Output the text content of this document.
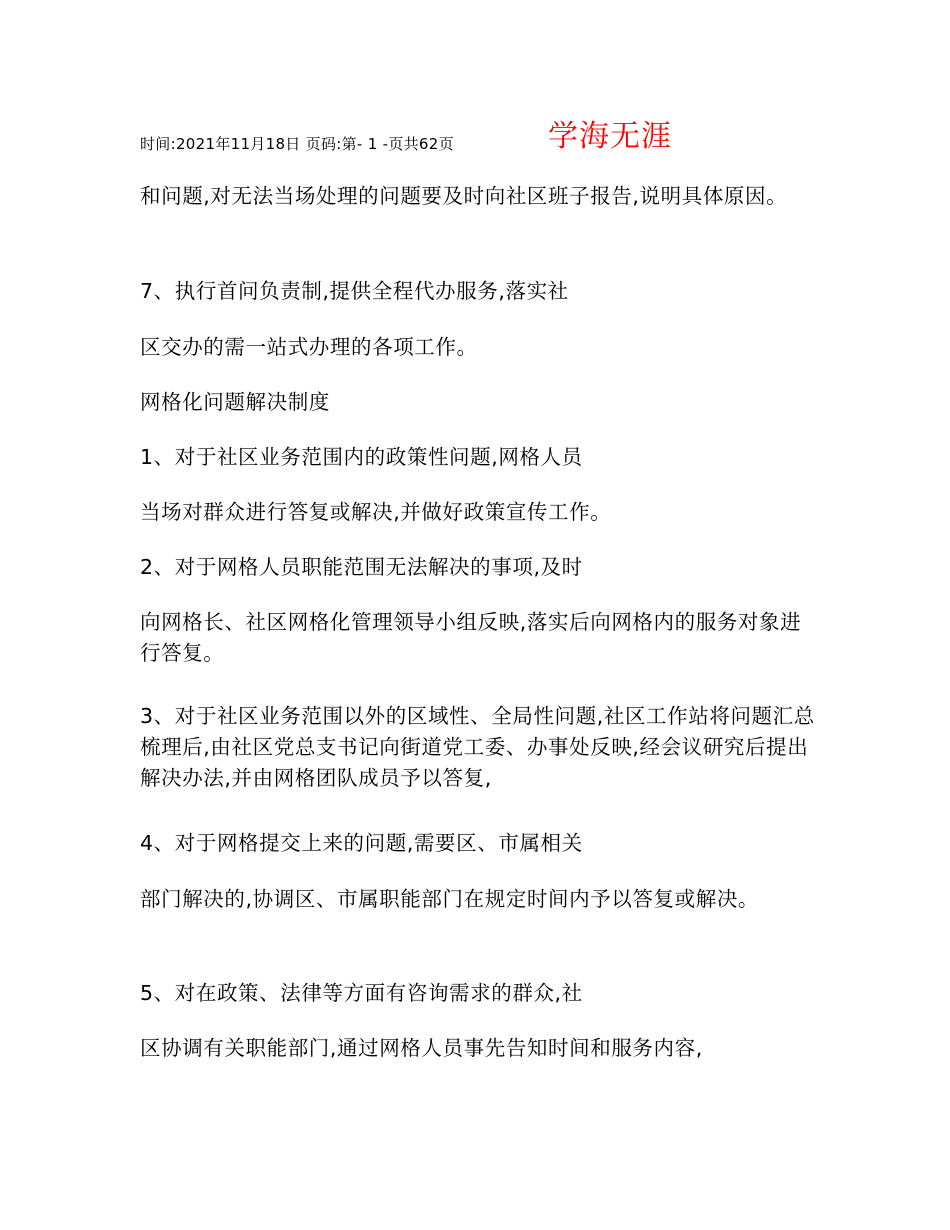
时间:2021年11月18日 页码:第- 1 -页共62页	学海无涯

和问题,对无法当场处理的问题要及时向社区班子报告,说明具体原因。

7、执行首问负责制,提供全程代办服务,落实社

区交办的需一站式办理的各项工作。

网格化问题解决制度

1、对于社区业务范围内的政策性问题,网格人员

当场对群众进行答复或解决,并做好政策宣传工作。

2、对于网格人员职能范围无法解决的事项,及时

向网格长、社区网格化管理领导小组反映,落实后向网格内的服务对象进行答复。

3、对于社区业务范围以外的区域性、全局性问题,社区工作站将问题汇总梳理后,由社区党总支书记向街道党工委、办事处反映,经会议研究后提出解决办法,并由网格团队成员予以答复,

4、对于网格提交上来的问题,需要区、市属相关

部门解决的,协调区、市属职能部门在规定时间内予以答复或解决。

5、对在政策、法律等方面有咨询需求的群众,社

区协调有关职能部门,通过网格人员事先告知时间和服务内容,
